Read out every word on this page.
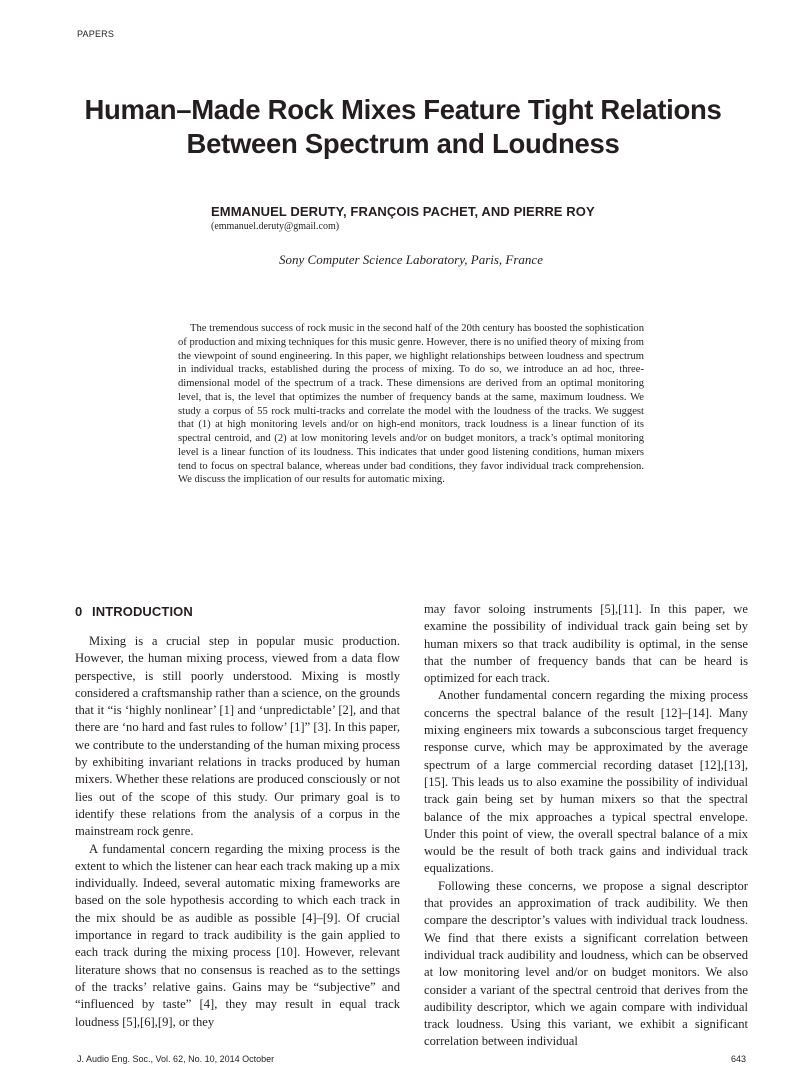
PAPERS
Human–Made Rock Mixes Feature Tight Relations
Between Spectrum and Loudness
EMMANUEL DERUTY, FRANÇOIS PACHET, AND PIERRE ROY
(emmanuel.deruty@gmail.com)
Sony Computer Science Laboratory, Paris, France
The tremendous success of rock music in the second half of the 20th century has boosted the sophistication of production and mixing techniques for this music genre. However, there is no unified theory of mixing from the viewpoint of sound engineering. In this paper, we highlight relationships between loudness and spectrum in individual tracks, established during the process of mixing. To do so, we introduce an ad hoc, three-dimensional model of the spectrum of a track. These dimensions are derived from an optimal monitoring level, that is, the level that optimizes the number of frequency bands at the same, maximum loudness. We study a corpus of 55 rock multi-tracks and correlate the model with the loudness of the tracks. We suggest that (1) at high monitoring levels and/or on high-end monitors, track loudness is a linear function of its spectral centroid, and (2) at low monitoring levels and/or on budget monitors, a track’s optimal monitoring level is a linear function of its loudness. This indicates that under good listening conditions, human mixers tend to focus on spectral balance, whereas under bad conditions, they favor individual track comprehension. We discuss the implication of our results for automatic mixing.
0 INTRODUCTION

Mixing is a crucial step in popular music production. However, the human mixing process, viewed from a data flow perspective, is still poorly understood. Mixing is mostly considered a craftsmanship rather than a science, on the grounds that it “is ‘highly nonlinear’ [1] and ‘unpredictable’ [2], and that there are ‘no hard and fast rules to follow’ [1]” [3]. In this paper, we contribute to the understanding of the human mixing process by exhibiting invariant relations in tracks produced by human mixers. Whether these relations are produced consciously or not lies out of the scope of this study. Our primary goal is to identify these relations from the analysis of a corpus in the mainstream rock genre.

A fundamental concern regarding the mixing process is the extent to which the listener can hear each track making up a mix individually. Indeed, several automatic mixing frameworks are based on the sole hypothesis according to which each track in the mix should be as audible as possible [4]–[9]. Of crucial importance in regard to track audibility is the gain applied to each track during the mixing process [10]. However, relevant literature shows that no consensus is reached as to the settings of the tracks’ relative gains. Gains may be “subjective” and “influenced by taste” [4], they may result in equal track loudness [5],[6],[9], or they

may favor soloing instruments [5],[11]. In this paper, we examine the possibility of individual track gain being set by human mixers so that track audibility is optimal, in the sense that the number of frequency bands that can be heard is optimized for each track.

Another fundamental concern regarding the mixing process concerns the spectral balance of the result [12]–[14]. Many mixing engineers mix towards a subconscious target frequency response curve, which may be approximated by the average spectrum of a large commercial recording dataset [12],[13],[15]. This leads us to also examine the possibility of individual track gain being set by human mixers so that the spectral balance of the mix approaches a typical spectral envelope. Under this point of view, the overall spectral balance of a mix would be the result of both track gains and individual track equalizations.

Following these concerns, we propose a signal descriptor that provides an approximation of track audibility. We then compare the descriptor’s values with individual track loudness. We find that there exists a significant correlation between individual track audibility and loudness, which can be observed at low monitoring level and/or on budget monitors. We also consider a variant of the spectral centroid that derives from the audibility descriptor, which we again compare with individual track loudness. Using this variant, we exhibit a significant correlation between individual

J. Audio Eng. Soc., Vol. 62, No. 10, 2014 October	643
